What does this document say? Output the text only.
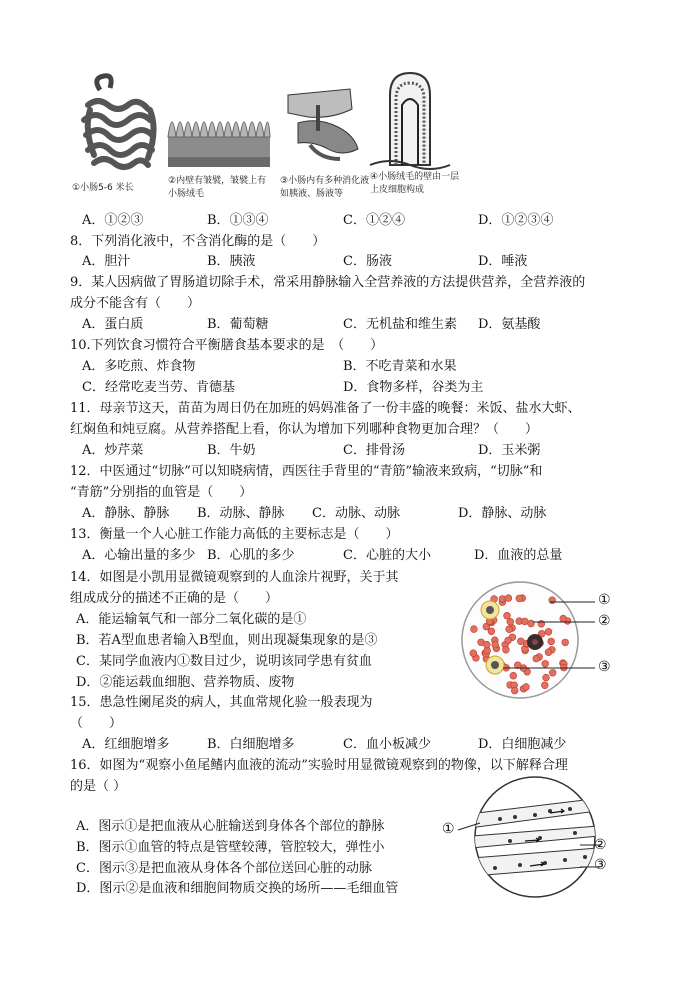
①小肠5-6 米长
②内壁有皱襞，皱襞上有小肠绒毛
③小肠内有多种消化液如胰液、肠液等
④小肠绒毛的壁由一层上皮细胞构成
A．①②③	B．①③④	C．①②④	D．①②③④
8．下列消化液中，不含消化酶的是（　　）
A．胆汁	B．胰液	C．肠液	D．唾液
9．某人因病做了胃肠道切除手术，常采用静脉输入全营养液的方法提供营养，全营养液的
成分不能含有（　　）
A．蛋白质	B．葡萄糖	C．无机盐和维生素 D．氨基酸
10.下列饮食习惯符合平衡膳食基本要求的是　（　　）
A．多吃煎、炸食物	B．不吃青菜和水果
C．经常吃麦当劳、肯德基	D．食物多样，谷类为主
11．母亲节这天，苗苗为周日仍在加班的妈妈准备了一份丰盛的晚餐：米饭、盐水大虾、
红焖鱼和炖豆腐。从营养搭配上看，你认为增加下列哪种食物更加合理？（　　）
A．炒芹菜	B．牛奶	C．排骨汤	D．玉米粥
12．中医通过“切脉”可以知晓病情，西医往手背里的“青筋”输液来致病，“切脉”和
“青筋”分别指的血管是（　　）
A．静脉、静脉 B．动脉、静脉 C．动脉、动脉	D．静脉、动脉
13．衡量一个人心脏工作能力高低的主要标志是（　　）
A．心输出量的多少 B．心肌的多少	C．心脏的大小	D．血液的总量
14．如图是小凯用显微镜观察到的人血涂片视野，关于其
组成成分的描述不正确的是（　　）
A．能运输氧气和一部分二氧化碳的是①
B．若A型血患者输入B型血，则出现凝集现象的是③
C．某同学血液内①数目过少，说明该同学患有贫血
D．②能运载血细胞、营养物质、废物
①
②
③
15．患急性阑尾炎的病人，其血常规化验一般表现为
（　　）
A．红细胞增多	B．白细胞增多	C．血小板减少	D．白细胞减少
16．如图为“观察小鱼尾鳍内血液的流动”实验时用显微镜观察到的物像，以下解释合理
的是（ ）
A．图示①是把血液从心脏输送到身体各个部位的静脉
B．图示①血管的特点是管壁较薄，管腔较大，弹性小
C．图示③是把血液从身体各个部位送回心脏的动脉
D．图示②是血液和细胞间物质交换的场所——毛细血管
①
②
③
